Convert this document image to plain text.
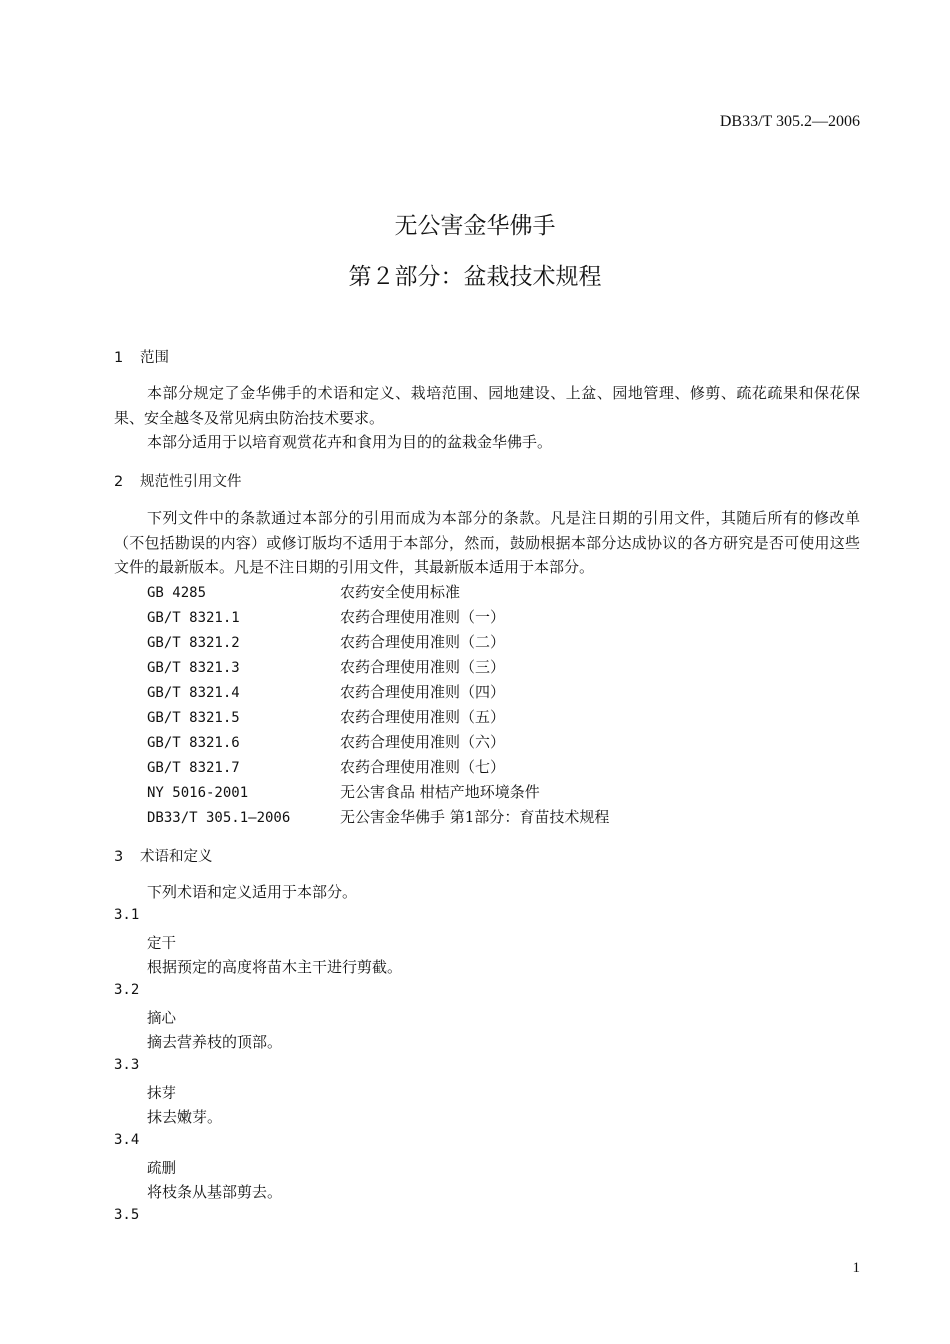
DB33/T 305.2—2006

无公害金华佛手
第２部分：盆栽技术规程

1 范围

本部分规定了金华佛手的术语和定义、栽培范围、园地建设、上盆、园地管理、修剪、疏花疏果和保花保果、安全越冬及常见病虫防治技术要求。

本部分适用于以培育观赏花卉和食用为目的的盆栽金华佛手。

2 规范性引用文件

下列文件中的条款通过本部分的引用而成为本部分的条款。凡是注日期的引用文件，其随后所有的修改单（不包括勘误的内容）或修订版均不适用于本部分，然而，鼓励根据本部分达成协议的各方研究是否可使用这些文件的最新版本。凡是不注日期的引用文件，其最新版本适用于本部分。

GB 4285	农药安全使用标准

GB/T 8321.1	农药合理使用准则（一）

GB/T 8321.2	农药合理使用准则（二）

GB/T 8321.3	农药合理使用准则（三）

GB/T 8321.4	农药合理使用准则（四）

GB/T 8321.5	农药合理使用准则（五）

GB/T 8321.6	农药合理使用准则（六）

GB/T 8321.7	农药合理使用准则（七）

NY 5016-2001	无公害食品 柑桔产地环境条件

DB33/T 305.1—2006	无公害金华佛手 第1部分：育苗技术规程

3 术语和定义

下列术语和定义适用于本部分。

3.1

定干

根据预定的高度将苗木主干进行剪截。

3.2

摘心

摘去营养枝的顶部。

3.3

抹芽

抹去嫩芽。

3.4

疏删

将枝条从基部剪去。

3.5

1
